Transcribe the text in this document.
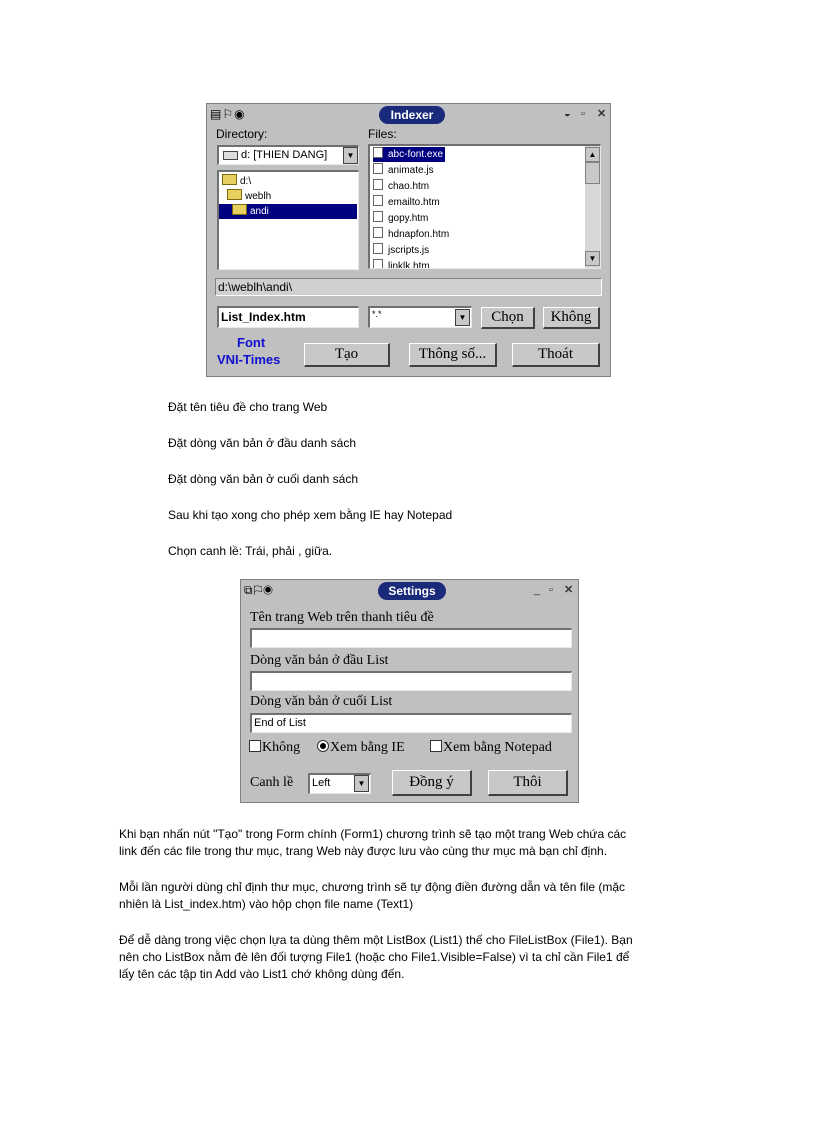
▤⚐◉	Indexer	◒ ▫ ✕
Directory:	Files:
d: [THIEN DANG]	▼
d:\
weblh
andi
abc-font.exe
animate.js
chao.htm
emailto.htm
gopy.htm
hdnapfon.htm
jscripts.js
linklk.htm
▲
▼
d:\weblh\andi\
List_Index.htm	*.*	▼	Chọn	Không
Font
VNI-Times	Tạo	Thông số...	Thoát
Đặt tên tiêu đề cho trang Web
Đặt dòng văn bản ở đầu danh sách
Đặt dòng văn bản ở cuối danh sách
Sau khi tạo xong cho phép xem bằng IE hay Notepad
Chọn canh lề: Trái, phải , giữa.
⧉⚐◉	Settings	_ ▫ ✕
Tên trang Web trên thanh tiêu đề
Dòng văn bản ở đầu List
Dòng văn bản ở cuối List
End of List
Không	Xem bằng IE	Xem bằng Notepad
Canh lề Left	▼	Đồng ý	Thôi
Khi bạn nhấn nút "Tạo" trong Form chính (Form1) chương trình sẽ tạo một trang Web chứa các
link đến các file trong thư mục, trang Web này được lưu vào cùng thư mục mà bạn chỉ định.
Mỗi lần người dùng chỉ định thư mục, chương trình sẽ tự động điền đường dẫn và tên file (mặc
nhiên là List_index.htm) vào hộp chọn file name (Text1)
Để dễ dàng trong việc chọn lựa ta dùng thêm một ListBox (List1) thế cho FileListBox (File1). Bạn
nên cho ListBox nằm đè lên đối tượng File1 (hoặc cho File1.Visible=False) vì ta chỉ cần File1 để
lấy tên các tập tin Add vào List1 chớ không dùng đến.
